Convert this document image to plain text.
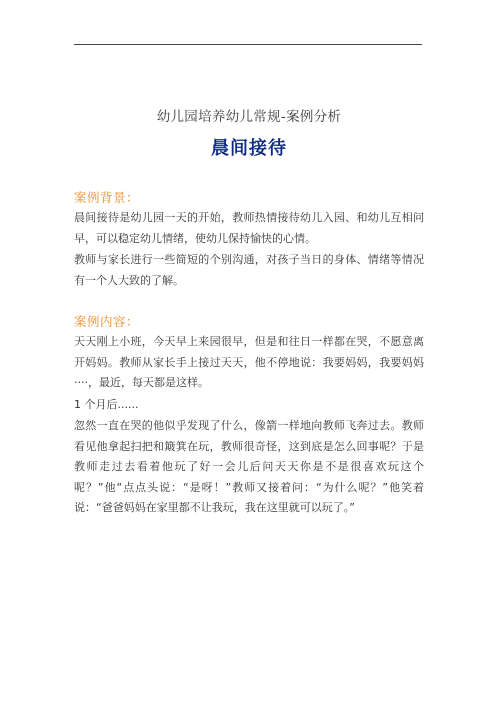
幼儿园培养幼儿常规-案例分析

晨间接待

案例背景：

晨间接待是幼儿园一天的开始，教师热情接待幼儿入园、和幼儿互相问早，可以稳定幼儿情绪，使幼儿保持愉快的心情。

教师与家长进行一些简短的个别沟通，对孩子当日的身体、情绪等情况有一个人大致的了解。

案例内容：

天天刚上小班，今天早上来园很早，但是和往日一样都在哭，不愿意离开妈妈。教师从家长手上接过天天，他不停地说：我要妈妈，我要妈妈····，最近，每天都是这样。

1 个月后......

忽然一直在哭的他似乎发现了什么，像箭一样地向教师飞奔过去。教师看见他拿起扫把和簸箕在玩，教师很奇怪，这到底是怎么回事呢？于是教师走过去看着他玩了好一会儿后问天天你是不是很喜欢玩这个呢？”他“点点头说：“是呀！”教师又接着问：“为什么呢？”他笑着说：“爸爸妈妈在家里都不让我玩，我在这里就可以玩了。”
